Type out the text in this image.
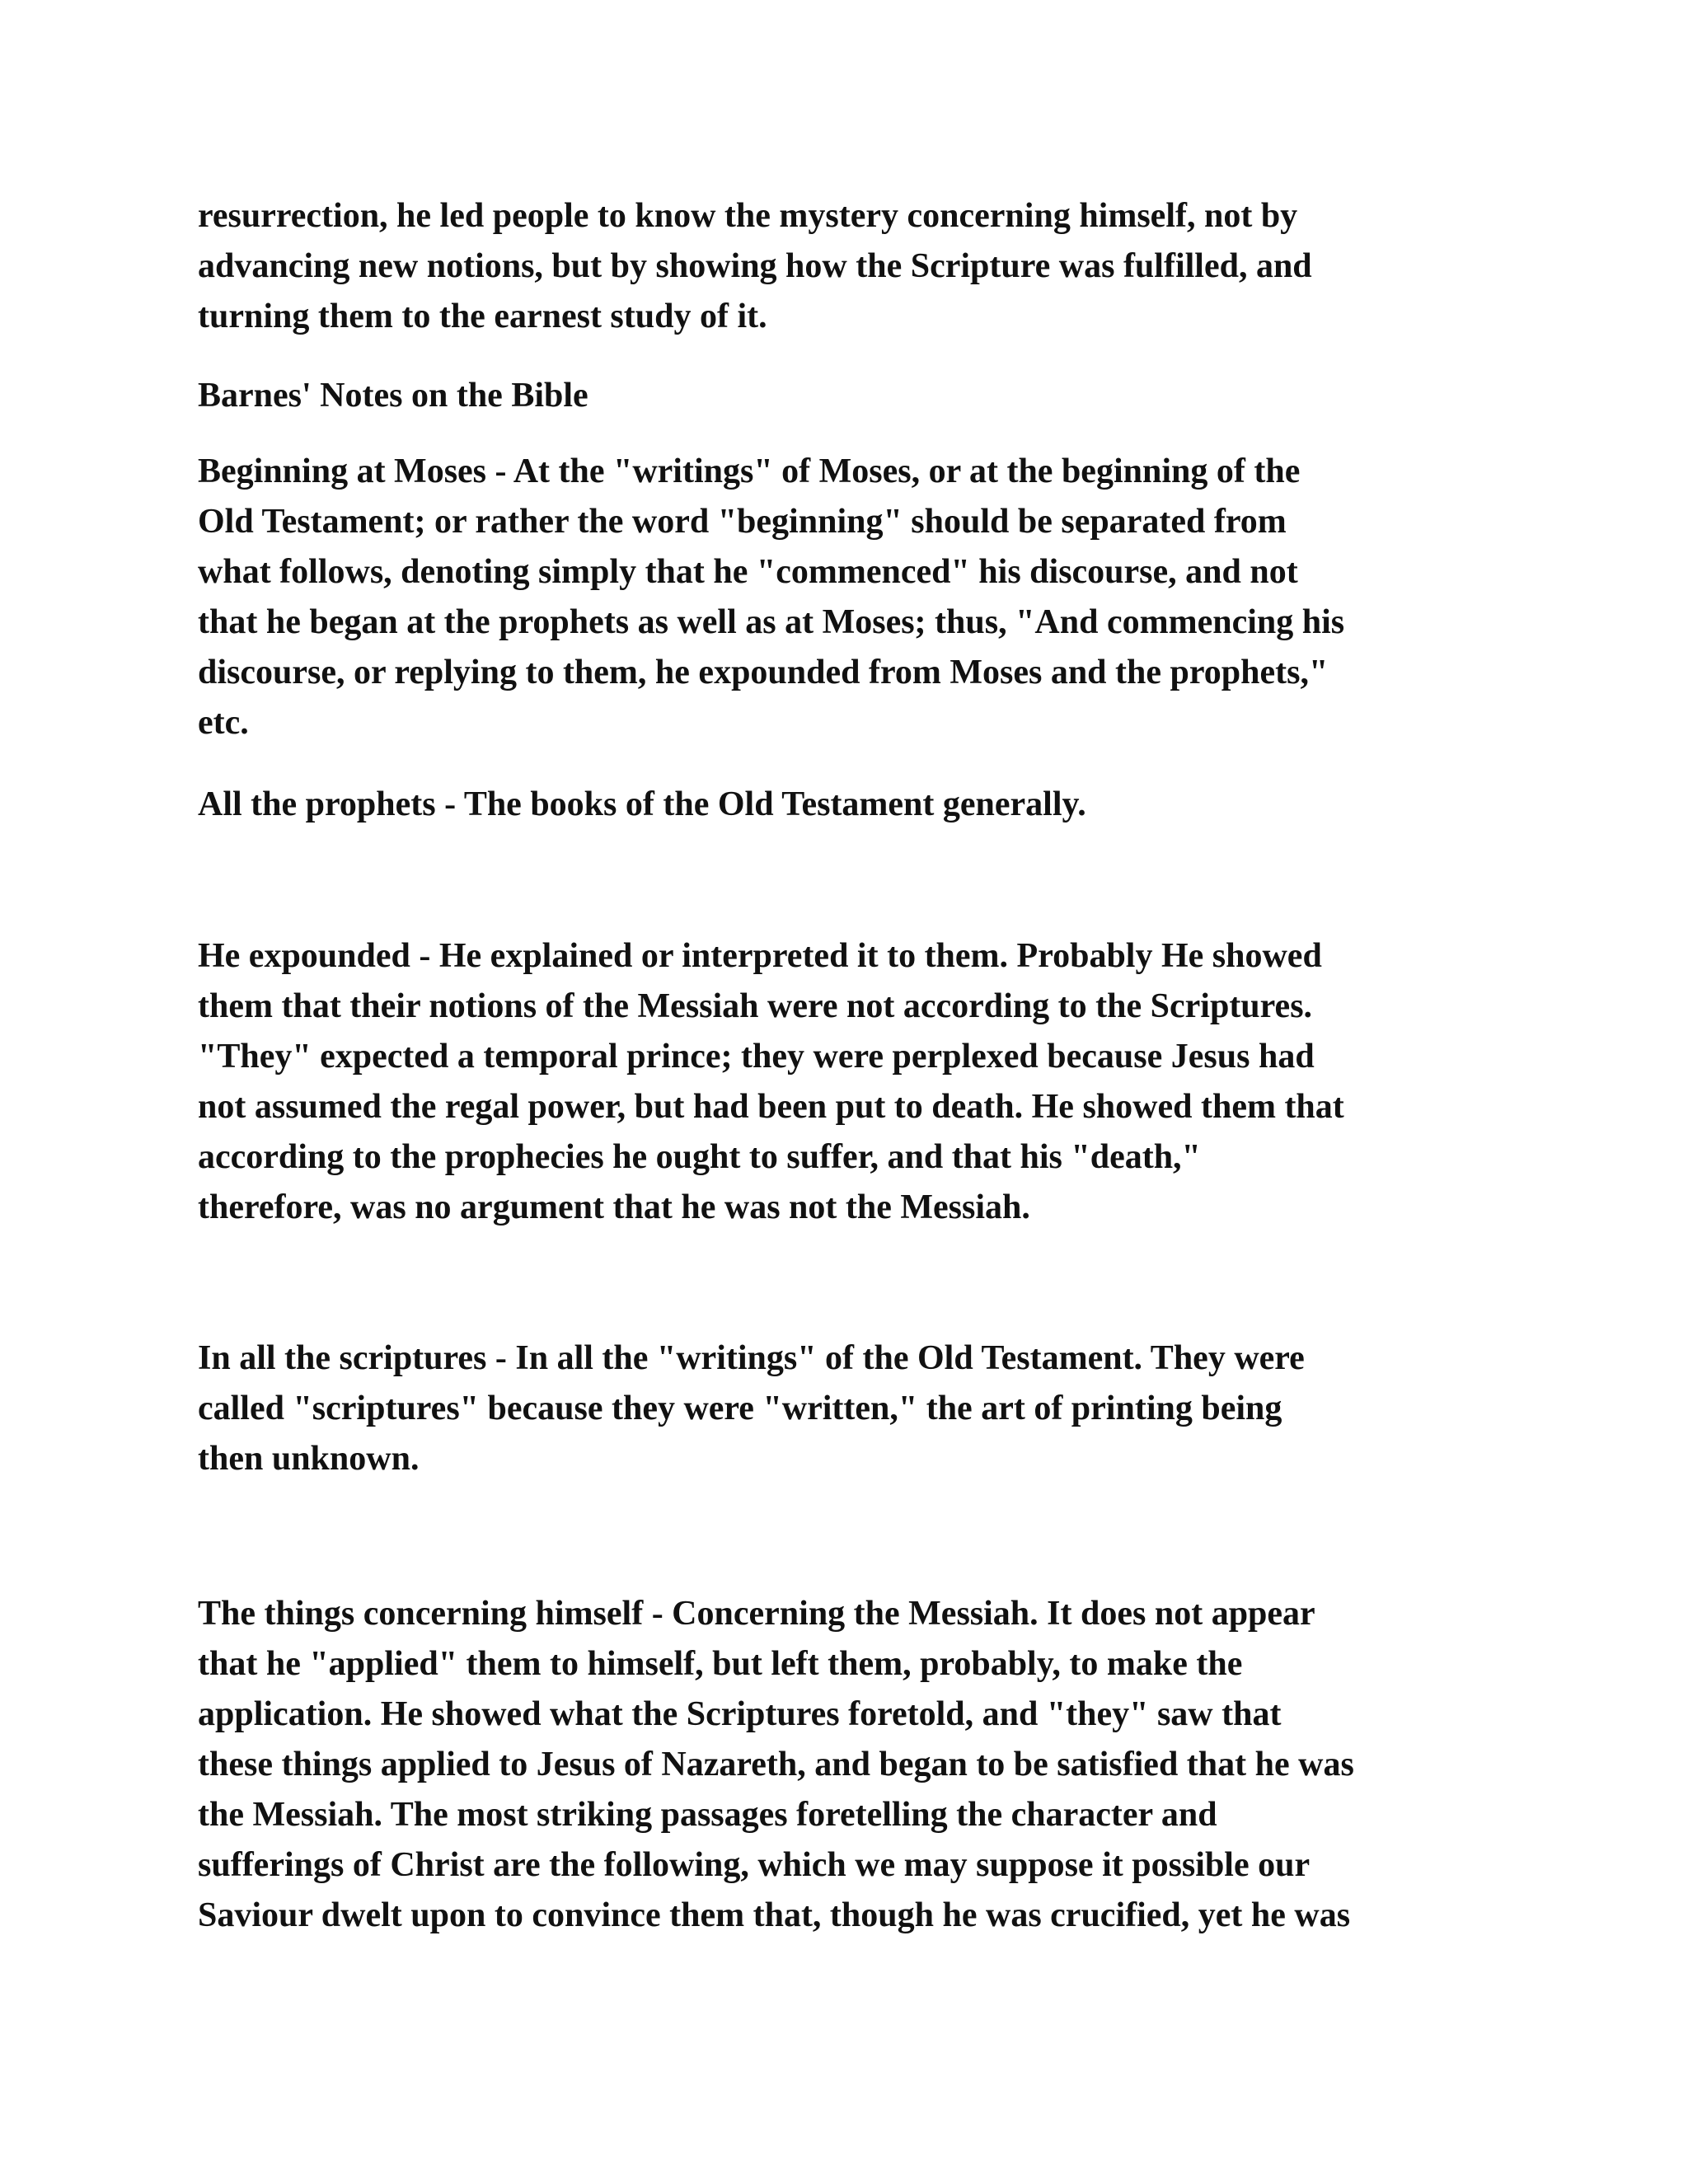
resurrection, he led people to know the mystery concerning himself, not by
advancing new notions, but by showing how the Scripture was fulfilled, and
turning them to the earnest study of it.
Barnes' Notes on the Bible
Beginning at Moses - At the "writings" of Moses, or at the beginning of the
Old Testament; or rather the word "beginning" should be separated from
what follows, denoting simply that he "commenced" his discourse, and not
that he began at the prophets as well as at Moses; thus, "And commencing his
discourse, or replying to them, he expounded from Moses and the prophets,"
etc.
All the prophets - The books of the Old Testament generally.
He expounded - He explained or interpreted it to them. Probably He showed
them that their notions of the Messiah were not according to the Scriptures.
"They" expected a temporal prince; they were perplexed because Jesus had
not assumed the regal power, but had been put to death. He showed them that
according to the prophecies he ought to suffer, and that his "death,"
therefore, was no argument that he was not the Messiah.
In all the scriptures - In all the "writings" of the Old Testament. They were
called "scriptures" because they were "written," the art of printing being
then unknown.
The things concerning himself - Concerning the Messiah. It does not appear
that he "applied" them to himself, but left them, probably, to make the
application. He showed what the Scriptures foretold, and "they" saw that
these things applied to Jesus of Nazareth, and began to be satisfied that he was
the Messiah. The most striking passages foretelling the character and
sufferings of Christ are the following, which we may suppose it possible our
Saviour dwelt upon to convince them that, though he was crucified, yet he was
